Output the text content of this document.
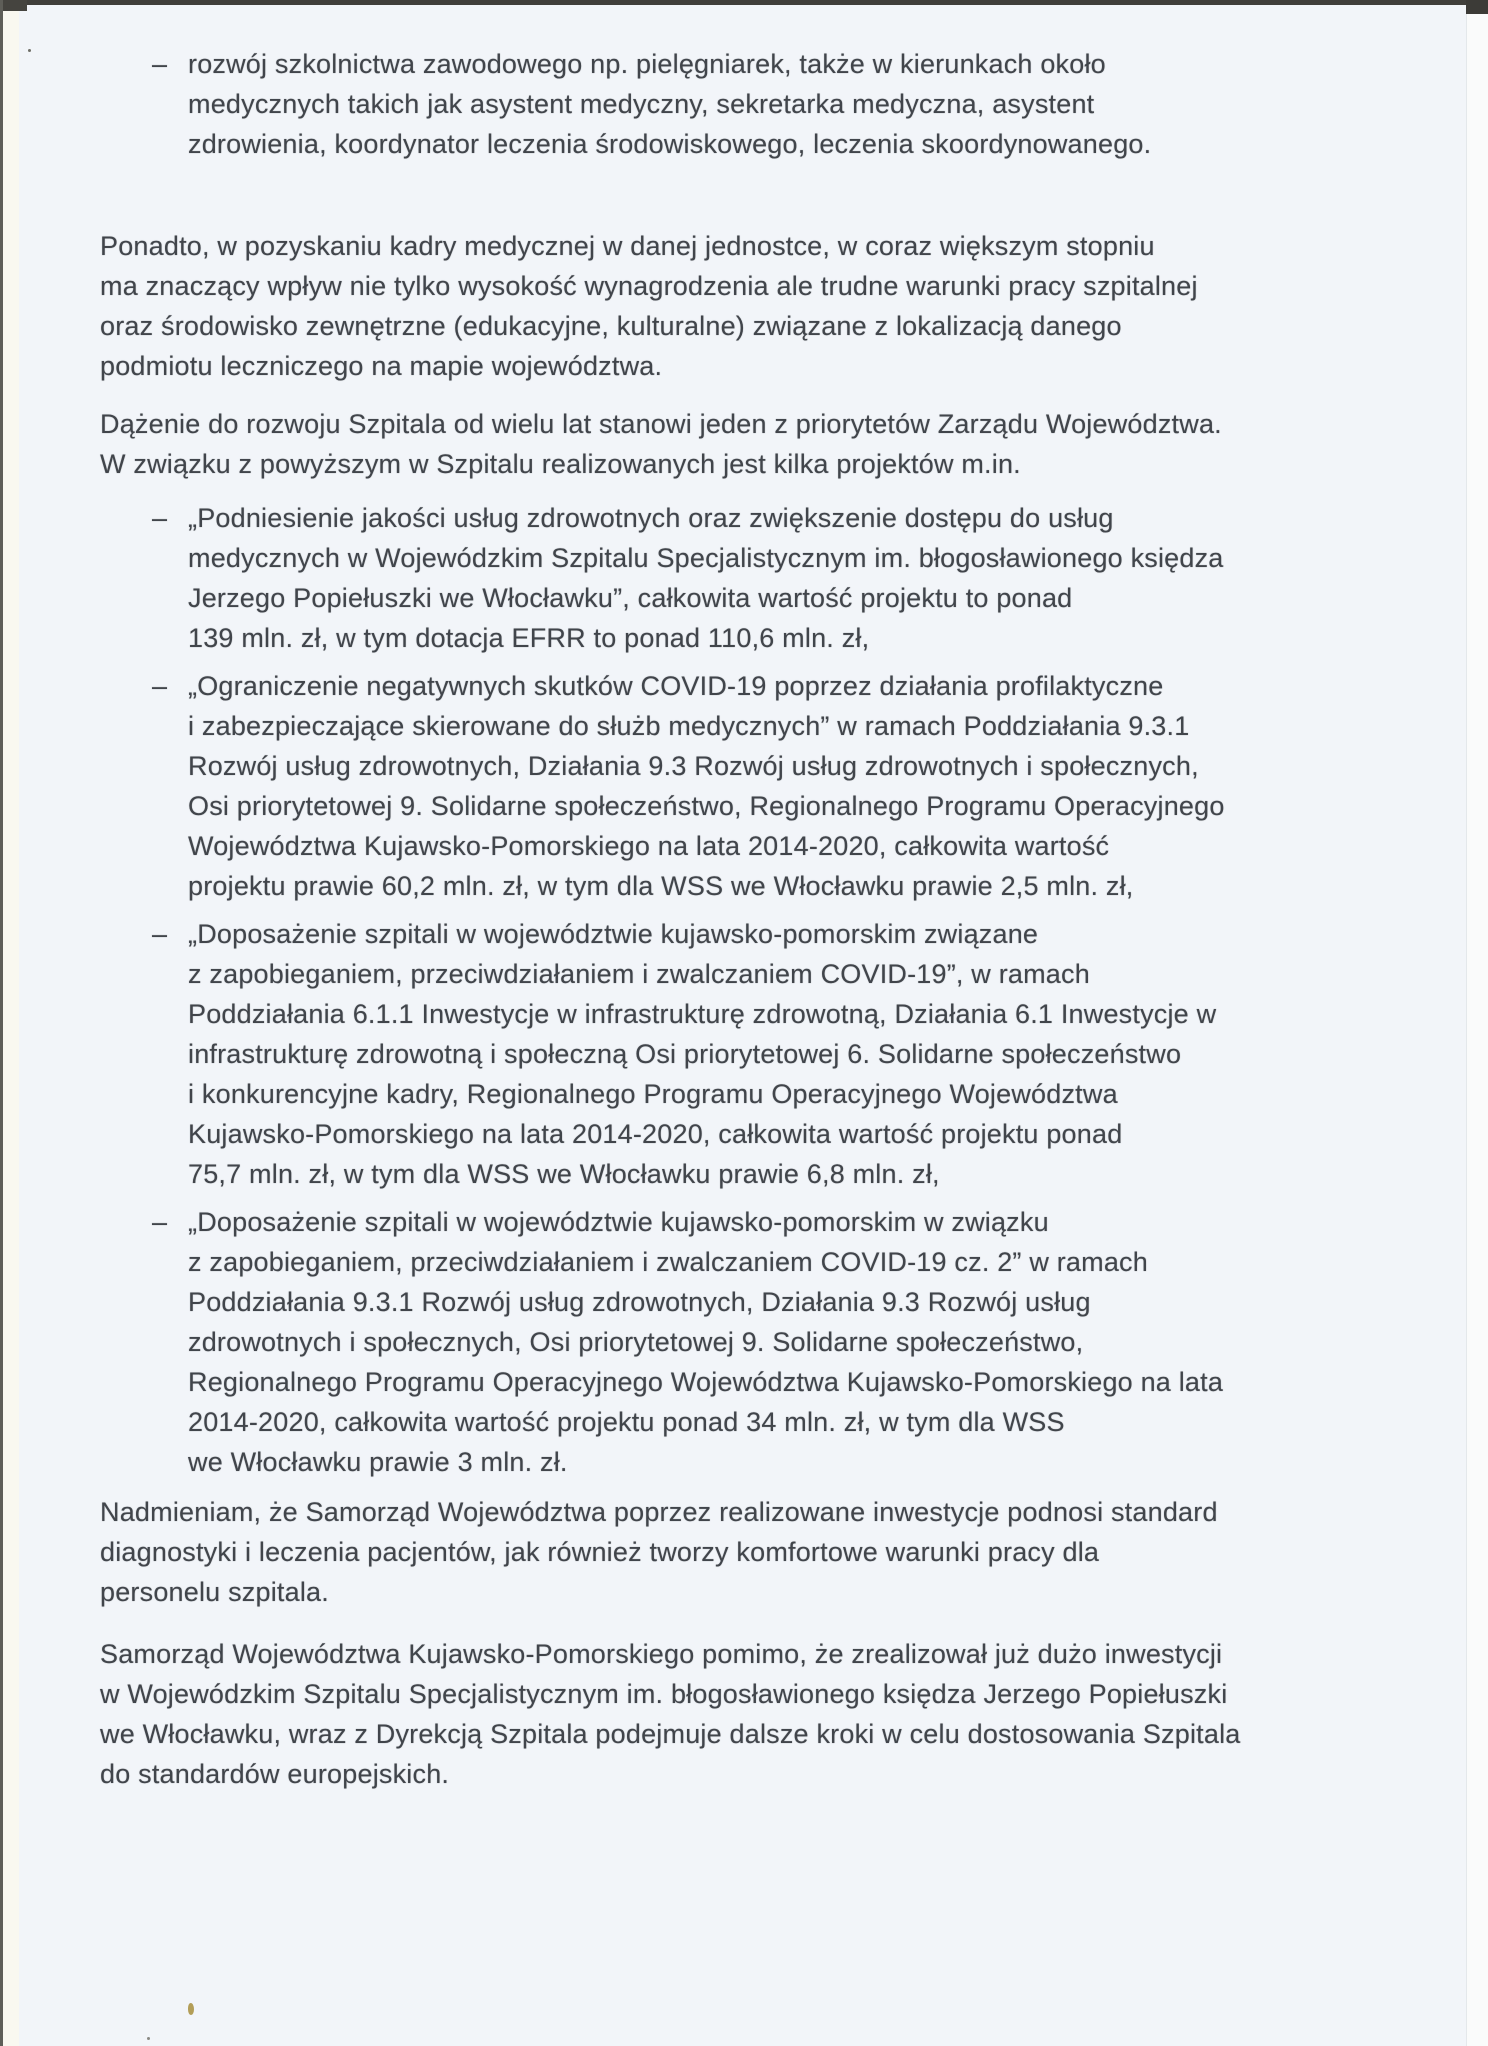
– rozwój szkolnictwa zawodowego np. pielęgniarek, także w kierunkach około
medycznych takich jak asystent medyczny, sekretarka medyczna, asystent
zdrowienia, koordynator leczenia środowiskowego, leczenia skoordynowanego.
Ponadto, w pozyskaniu kadry medycznej w danej jednostce, w coraz większym stopniu
ma znaczący wpływ nie tylko wysokość wynagrodzenia ale trudne warunki pracy szpitalnej
oraz środowisko zewnętrzne (edukacyjne, kulturalne) związane z lokalizacją danego
podmiotu leczniczego na mapie województwa.
Dążenie do rozwoju Szpitala od wielu lat stanowi jeden z priorytetów Zarządu Województwa.
W związku z powyższym w Szpitalu realizowanych jest kilka projektów m.in.
– „Podniesienie jakości usług zdrowotnych oraz zwiększenie dostępu do usług
medycznych w Wojewódzkim Szpitalu Specjalistycznym im. błogosławionego księdza
Jerzego Popiełuszki we Włocławku”, całkowita wartość projektu to ponad
139 mln. zł, w tym dotacja EFRR to ponad 110,6 mln. zł,
– „Ograniczenie negatywnych skutków COVID-19 poprzez działania profilaktyczne
i zabezpieczające skierowane do służb medycznych” w ramach Poddziałania 9.3.1
Rozwój usług zdrowotnych, Działania 9.3 Rozwój usług zdrowotnych i społecznych,
Osi priorytetowej 9. Solidarne społeczeństwo, Regionalnego Programu Operacyjnego
Województwa Kujawsko-Pomorskiego na lata 2014-2020, całkowita wartość
projektu prawie 60,2 mln. zł, w tym dla WSS we Włocławku prawie 2,5 mln. zł,
– „Doposażenie szpitali w województwie kujawsko-pomorskim związane
z zapobieganiem, przeciwdziałaniem i zwalczaniem COVID-19”, w ramach
Poddziałania 6.1.1 Inwestycje w infrastrukturę zdrowotną, Działania 6.1 Inwestycje w
infrastrukturę zdrowotną i społeczną Osi priorytetowej 6. Solidarne społeczeństwo
i konkurencyjne kadry, Regionalnego Programu Operacyjnego Województwa
Kujawsko-Pomorskiego na lata 2014-2020, całkowita wartość projektu ponad
75,7 mln. zł, w tym dla WSS we Włocławku prawie 6,8 mln. zł,
– „Doposażenie szpitali w województwie kujawsko-pomorskim w związku
z zapobieganiem, przeciwdziałaniem i zwalczaniem COVID-19 cz. 2” w ramach
Poddziałania 9.3.1 Rozwój usług zdrowotnych, Działania 9.3 Rozwój usług
zdrowotnych i społecznych, Osi priorytetowej 9. Solidarne społeczeństwo,
Regionalnego Programu Operacyjnego Województwa Kujawsko-Pomorskiego na lata
2014-2020, całkowita wartość projektu ponad 34 mln. zł, w tym dla WSS
we Włocławku prawie 3 mln. zł.
Nadmieniam, że Samorząd Województwa poprzez realizowane inwestycje podnosi standard
diagnostyki i leczenia pacjentów, jak również tworzy komfortowe warunki pracy dla
personelu szpitala.
Samorząd Województwa Kujawsko-Pomorskiego pomimo, że zrealizował już dużo inwestycji
w Wojewódzkim Szpitalu Specjalistycznym im. błogosławionego księdza Jerzego Popiełuszki
we Włocławku, wraz z Dyrekcją Szpitala podejmuje dalsze kroki w celu dostosowania Szpitala
do standardów europejskich.
